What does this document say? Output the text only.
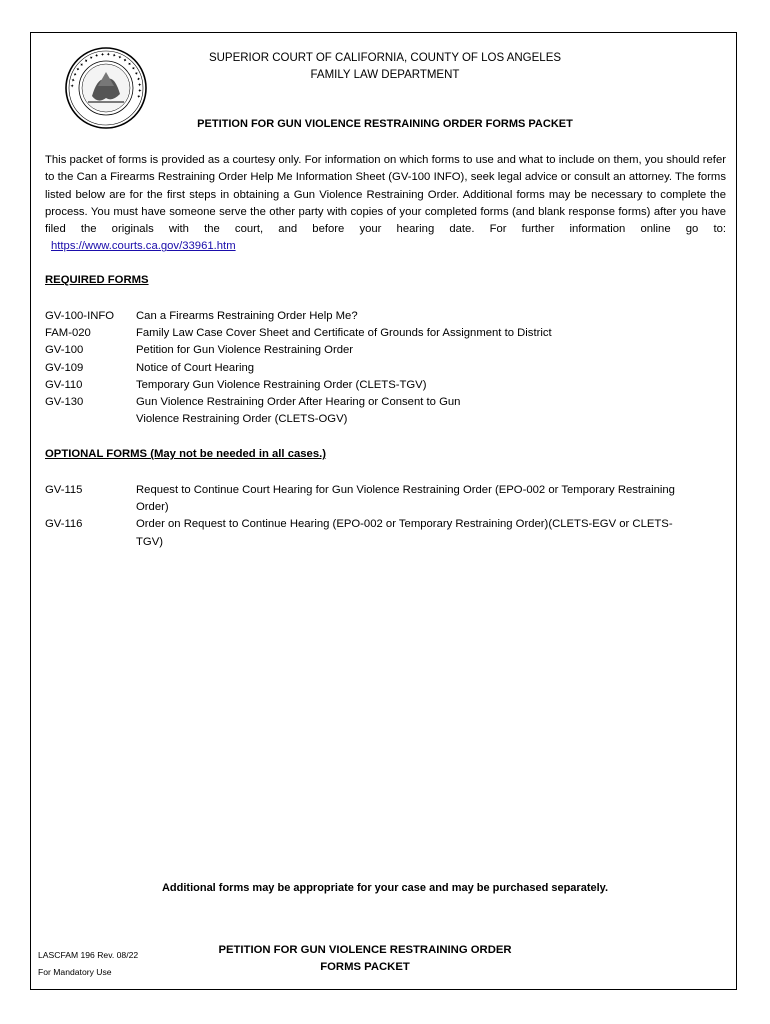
✦ ✦ ✦ ✦ ✦ ✦ ✦ ✦ ✦ ✦ ✦ ✦ ✦ ✦ ✦ ✦ ✦ ✦ ✦ ✦
SUPERIOR COURT OF CALIFORNIA, COUNTY OF LOS ANGELES
FAMILY LAW DEPARTMENT
PETITION FOR GUN VIOLENCE RESTRAINING ORDER FORMS PACKET
This packet of forms is provided as a courtesy only. For information on which forms to use and what to include on them, you should refer to the Can a Firearms Restraining Order Help Me Information Sheet (GV-100 INFO), seek legal advice or consult an attorney. The forms listed below are for the first steps in obtaining a Gun Violence Restraining Order. Additional forms may be necessary to complete the process. You must have someone serve the other party with copies of your completed forms (and blank response forms) after you have filed the originals with the court, and before your hearing date. For further information online go to: https://www.courts.ca.gov/33961.htm
REQUIRED FORMS
GV-100-INFO	Can a Firearms Restraining Order Help Me?
FAM-020	Family Law Case Cover Sheet and Certificate of Grounds for Assignment to District
GV-100	Petition for Gun Violence Restraining Order
GV-109	Notice of Court Hearing
GV-110	Temporary Gun Violence Restraining Order (CLETS-TGV)
GV-130	Gun Violence Restraining Order After Hearing or Consent to Gun Violence Restraining Order (CLETS-OGV)
OPTIONAL FORMS (May not be needed in all cases.)
GV-115	Request to Continue Court Hearing for Gun Violence Restraining Order (EPO-002 or Temporary Restraining Order)
GV-116	Order on Request to Continue Hearing (EPO-002 or Temporary Restraining Order)(CLETS-EGV or CLETS-TGV)
Additional forms may be appropriate for your case and may be purchased separately.
LASCFAM 196 Rev. 08/22
For Mandatory Use
PETITION FOR GUN VIOLENCE RESTRAINING ORDER
FORMS PACKET
